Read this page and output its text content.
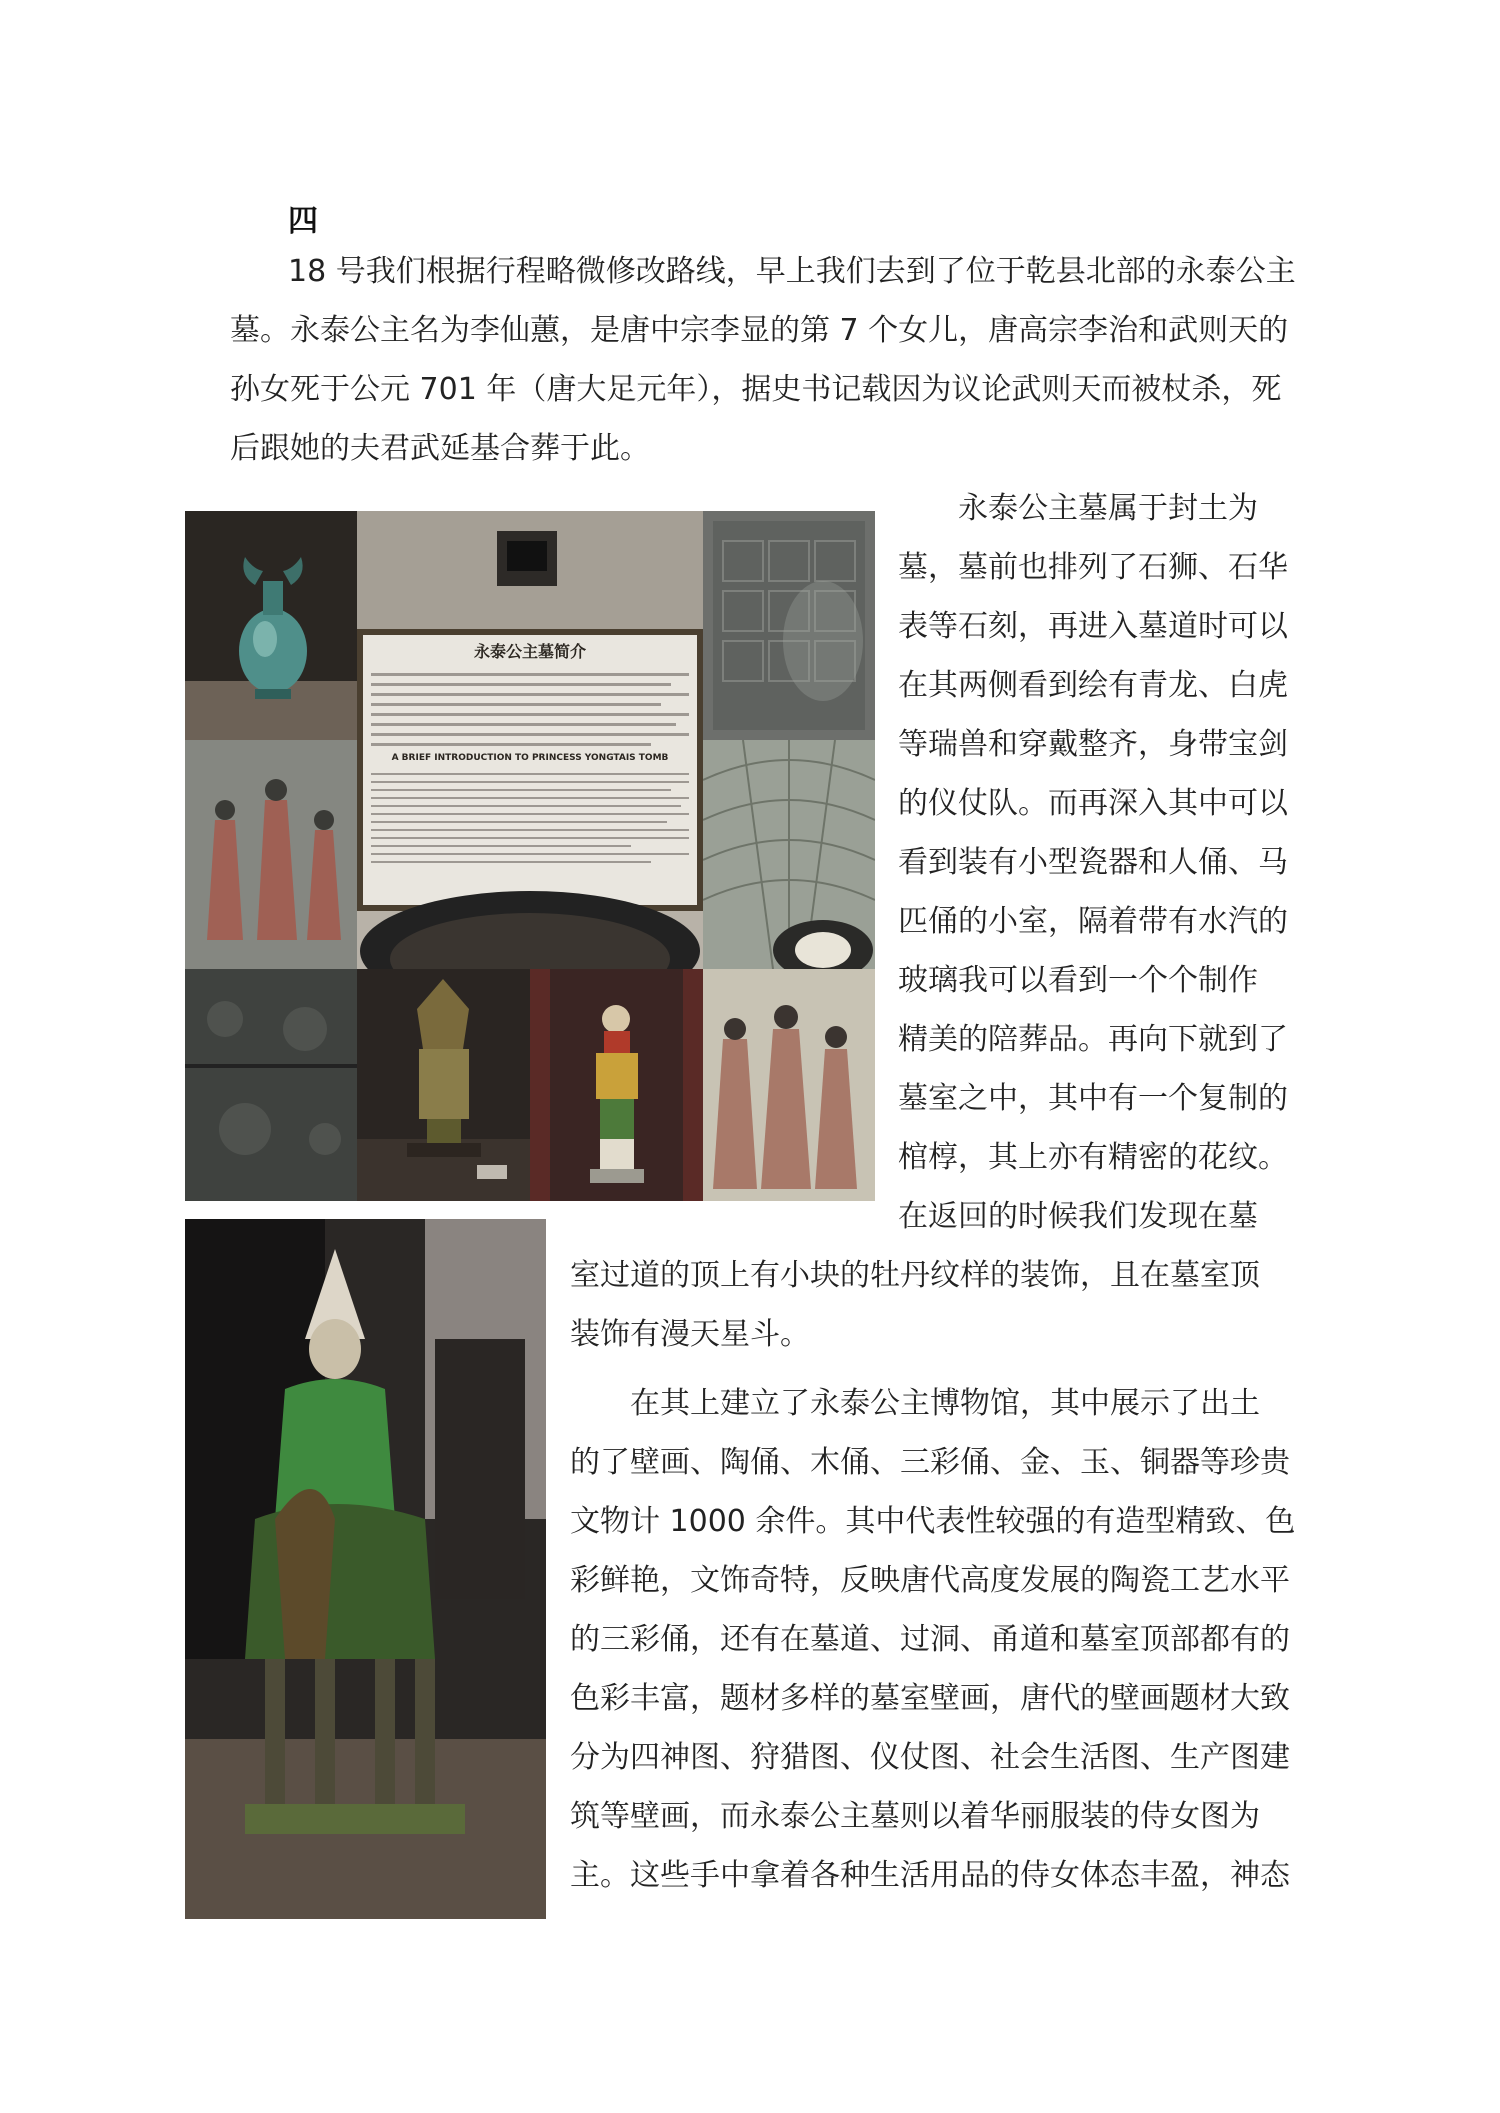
四
18 号我们根据行程略微修改路线，早上我们去到了位于乾县北部的永泰公主
墓。永泰公主名为李仙蕙，是唐中宗李显的第 7 个女儿，唐高宗李治和武则天的
孙女死于公元 701 年（唐大足元年），据史书记载因为议论武则天而被杖杀，死
后跟她的夫君武延基合葬于此。
永泰公主墓属于封土为
墓，墓前也排列了石狮、石华
表等石刻，再进入墓道时可以
在其两侧看到绘有青龙、白虎
等瑞兽和穿戴整齐，身带宝剑
的仪仗队。而再深入其中可以
看到装有小型瓷器和人俑、马
匹俑的小室，隔着带有水汽的
玻璃我可以看到一个个制作
精美的陪葬品。再向下就到了
墓室之中，其中有一个复制的
棺椁，其上亦有精密的花纹。
在返回的时候我们发现在墓
室过道的顶上有小块的牡丹纹样的装饰，且在墓室顶
装饰有漫天星斗。
在其上建立了永泰公主博物馆，其中展示了出土
的了壁画、陶俑、木俑、三彩俑、金、玉、铜器等珍贵
文物计 1000 余件。其中代表性较强的有造型精致、色
彩鲜艳，文饰奇特，反映唐代高度发展的陶瓷工艺水平
的三彩俑，还有在墓道、过洞、甬道和墓室顶部都有的
色彩丰富，题材多样的墓室壁画，唐代的壁画题材大致
分为四神图、狩猎图、仪仗图、社会生活图、生产图建
筑等壁画，而永泰公主墓则以着华丽服装的侍女图为
主。这些手中拿着各种生活用品的侍女体态丰盈，神态
永泰公主墓简介
A BRIEF INTRODUCTION TO PRINCESS YONGTAIS TOMB
